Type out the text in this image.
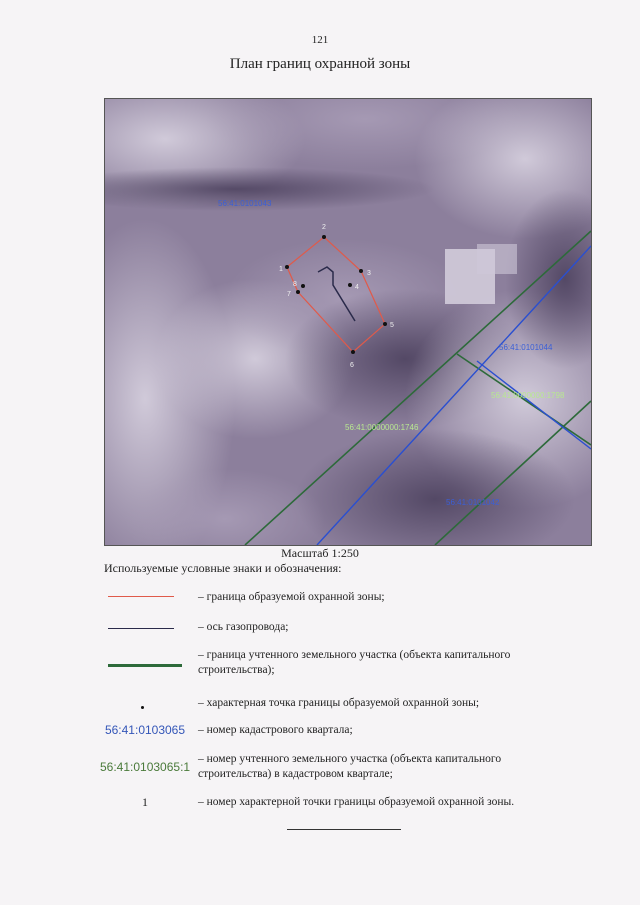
121
План границ охранной зоны
1
2
3
4
5
6
7
8
56:41:0101043
56:41:0101044
56:41:0101042
56:41:0000000:1746
56:41:0000000:1798
Масштаб 1:250
Используемые условные знаки и обозначения:
– граница образуемой охранной зоны;
– ось газопровода;
– граница учтенного земельного участка (объекта капитального строительства);
– характерная точка границы образуемой охранной зоны;
56:41:0103065	– номер кадастрового квартала;
56:41:0103065:1
– номер учтенного земельного участка (объекта капитального строительства) в кадастровом квартале;
1	– номер характерной точки границы образуемой охранной зоны.
